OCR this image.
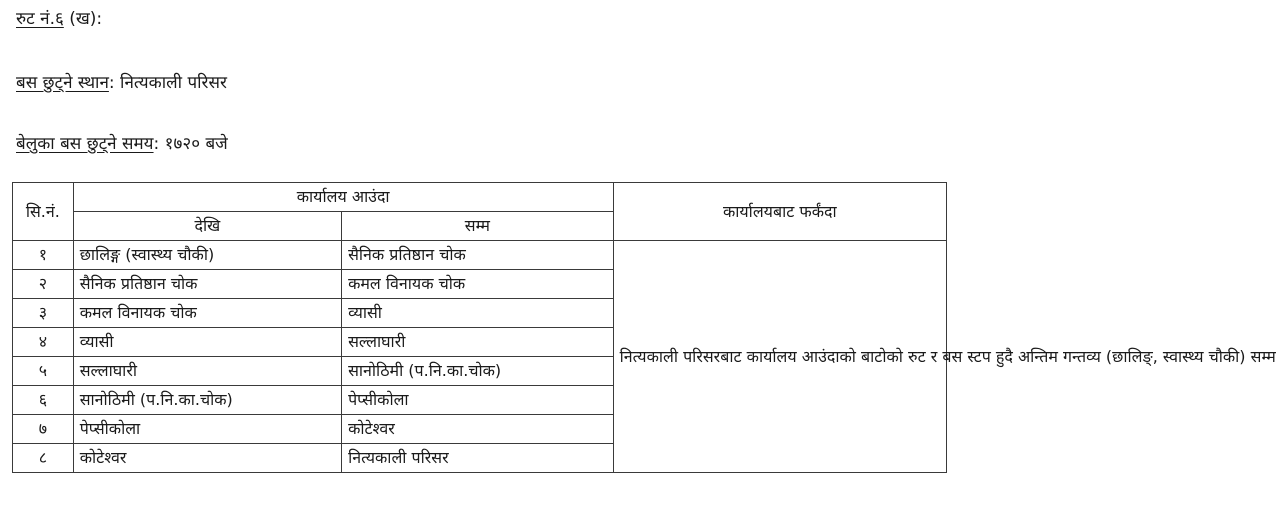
रुट नं.६ (ख):
बस छुट्ने स्थान: नित्यकाली परिसर
बेलुका बस छुट्ने समय: १७२० बजे
सि.नं.	कार्यालय आउंदा		कार्यालयबाट फर्कंदा
	देखि	सम्म	
१	छालिङ्ग (स्वास्थ्य चौकी)	सैनिक प्रतिष्ठान चोक	नित्यकाली परिसरबाट कार्यालय आउंदाको बाटोको रुट र बस स्टप हुदै अन्तिम गन्तव्य (छालिङ्, स्वास्थ्य चौकी) सम्म
२	सैनिक प्रतिष्ठान चोक	कमल विनायक चोक	
३	कमल विनायक चोक	व्यासी	
४	व्यासी	सल्लाघारी	
५	सल्लाघारी	सानोठिमी (प.नि.का.चोक)	
६	सानोठिमी (प.नि.का.चोक)	पेप्सीकोला	
७	पेप्सीकोला	कोटेश्वर	
८	कोटेश्वर	नित्यकाली परिसर	
